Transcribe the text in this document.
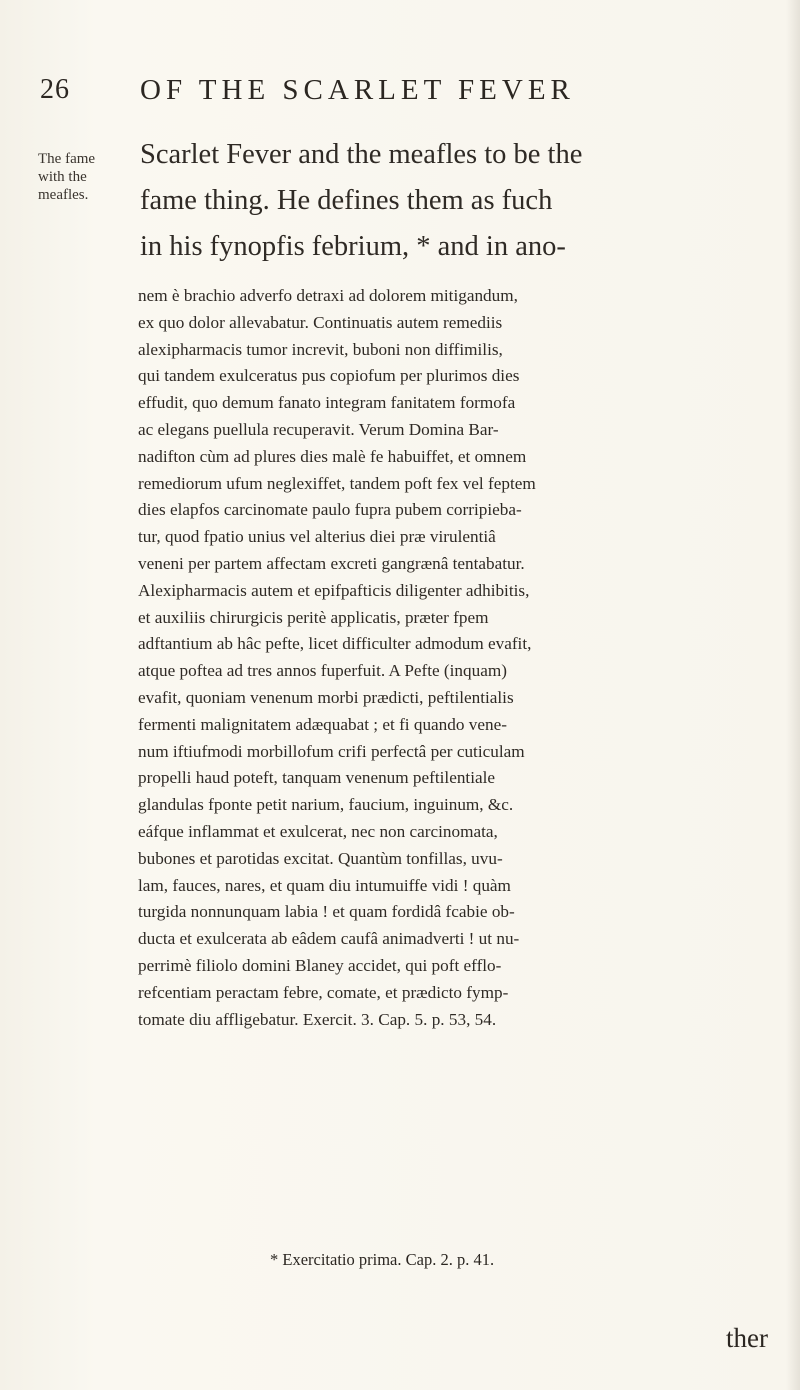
26 OF THE SCARLET FEVER
The fame
with the
meafles.
Scarlet Fever and the meafles to be the
fame thing. He defines them as fuch
in his fynopfis febrium, * and in ano-
nem è brachio adverfo detraxi ad dolorem mitigandum,
ex quo dolor allevabatur. Continuatis autem remediis
alexipharmacis tumor increvit, buboni non diffimilis,
qui tandem exulceratus pus copiofum per plurimos dies
effudit, quo demum fanato integram fanitatem formofa
ac elegans puellula recuperavit. Verum Domina Bar-
nadifton cùm ad plures dies malè fe habuiffet, et omnem
remediorum ufum neglexiffet, tandem poft fex vel feptem
dies elapfos carcinomate paulo fupra pubem corripieba-
tur, quod fpatio unius vel alterius diei præ virulentiâ
veneni per partem affectam excreti gangrænâ tentabatur.
Alexipharmacis autem et epifpafticis diligenter adhibitis,
et auxiliis chirurgicis peritè applicatis, præter fpem
adftantium ab hâc pefte, licet difficulter admodum evafit,
atque poftea ad tres annos fuperfuit. A Pefte (inquam)
evafit, quoniam venenum morbi prædicti, peftilentialis
fermenti malignitatem adæquabat ; et fi quando vene-
num iftiufmodi morbillofum crifi perfectâ per cuticulam
propelli haud poteft, tanquam venenum peftilentiale
glandulas fponte petit narium, faucium, inguinum, &c.
eáfque inflammat et exulcerat, nec non carcinomata,
bubones et parotidas excitat. Quantùm tonfillas, uvu-
lam, fauces, nares, et quam diu intumuiffe vidi ! quàm
turgida nonnunquam labia ! et quam fordidâ fcabie ob-
ducta et exulcerata ab eâdem caufâ animadverti ! ut nu-
perrimè filiolo domini Blaney accidet, qui poft efflo-
refcentiam peractam febre, comate, et prædicto fymp-
tomate diu affligebatur. Exercit. 3. Cap. 5. p. 53, 54.
* Exercitatio prima. Cap. 2. p. 41.
ther
